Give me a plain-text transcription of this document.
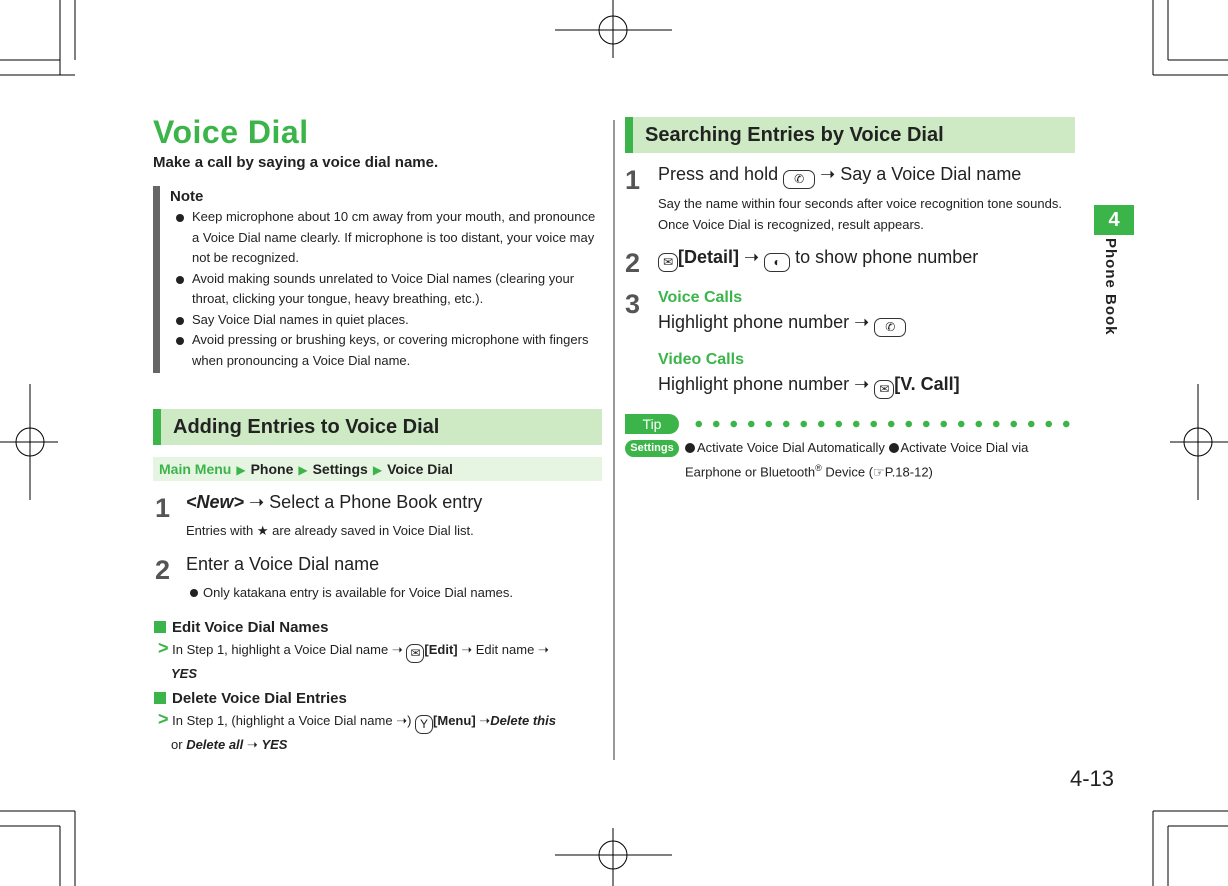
Voice Dial
Make a call by saying a voice dial name.
Note
Keep microphone about 10 cm away from your mouth, and pronounce a Voice Dial name clearly. If microphone is too distant, your voice may not be recognized.
Avoid making sounds unrelated to Voice Dial names (clearing your throat, clicking your tongue, heavy breathing, etc.).
Say Voice Dial names in quiet places.
Avoid pressing or brushing keys, or covering microphone with fingers when pronouncing a Voice Dial name.
Adding Entries to Voice Dial
Main Menu ▶ Phone ▶ Settings ▶ Voice Dial
1 <New> ➝ Select a Phone Book entry
Entries with ★ are already saved in Voice Dial list.
2 Enter a Voice Dial name
Only katakana entry is available for Voice Dial names.
Edit Voice Dial Names
> In Step 1, highlight a Voice Dial name ➝ ✉ [Edit] ➝ Edit name ➝
YES
Delete Voice Dial Entries
> In Step 1, (highlight a Voice Dial name ➝) Y [Menu] ➝Delete this
or Delete all ➝ YES
Searching Entries by Voice Dial
1 Press and hold ✆ ➝ Say a Voice Dial name
Say the name within four seconds after voice recognition tone sounds.
Once Voice Dial is recognized, result appears.
2	✉ [Detail] ➝ ◐ to show phone number
3	Voice Calls
Highlight phone number ➝ ✆
Video Calls
Highlight phone number ➝ ✉ [V. Call]
Tip
Settings	Activate Voice Dial Automatically Activate Voice Dial via
Earphone or Bluetooth® Device (☞P.18-12)
4
Phone Book
4-13
